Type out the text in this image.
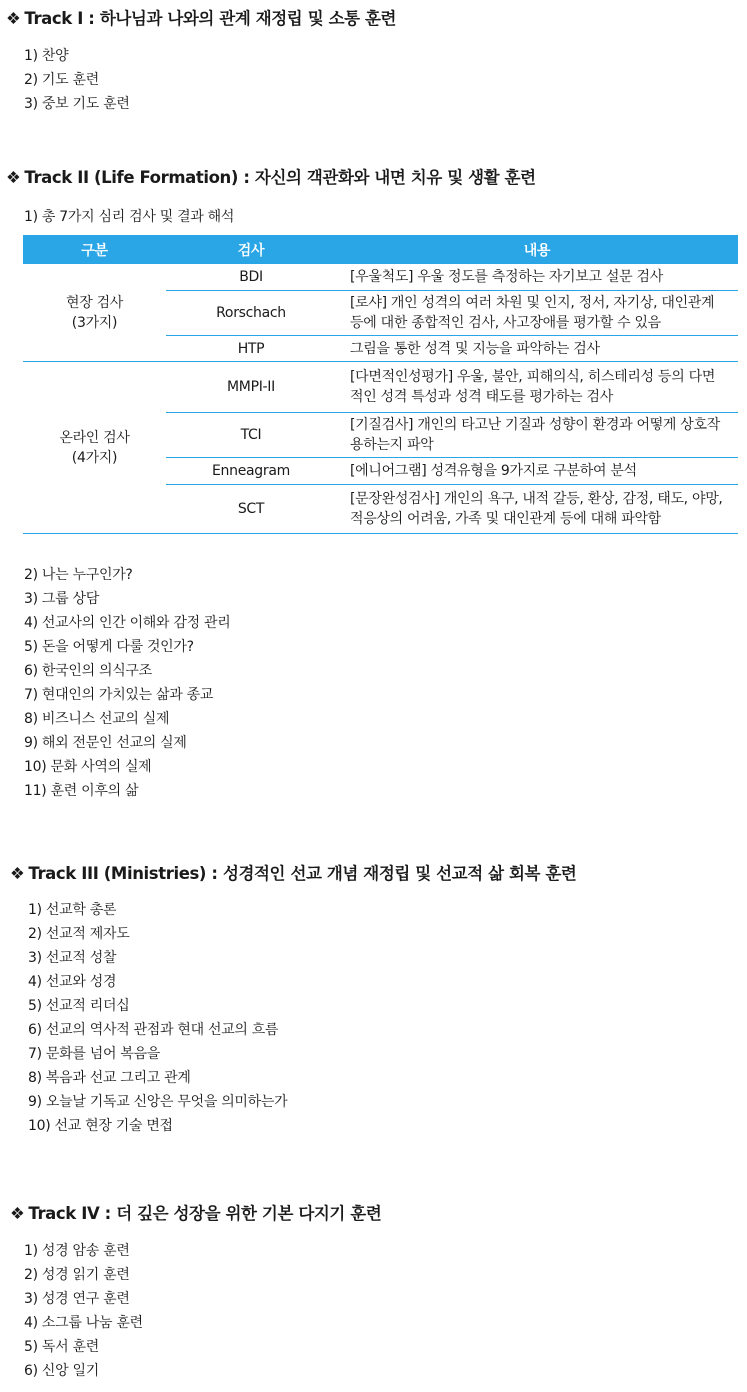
❖ Track I : 하나님과 나와의 관계 재정립 및 소통 훈련
1) 찬양
2) 기도 훈련
3) 중보 기도 훈련
❖ Track II (Life Formation) : 자신의 객관화와 내면 치유 및 생활 훈련
1) 총 7가지 심리 검사 및 결과 해석
구분	검사	내용

현장 검사
(3가지)	BDI	[우울척도] 우울 정도를 측정하는 자기보고 설문 검사
	Rorschach	[로샤] 개인 성격의 여러 차원 및 인지, 정서, 자기상, 대인관계 등에 대한 종합적인 검사, 사고장애를 평가할 수 있음
	HTP	그림을 통한 성격 및 지능을 파악하는 검사

온라인 검사
(4가지)	MMPI-II	[다면적인성평가] 우울, 불안, 피해의식, 히스테리성 등의 다면적인 성격 특성과 성격 태도를 평가하는 검사
	TCI	[기질검사] 개인의 타고난 기질과 성향이 환경과 어떻게 상호작용하는지 파악
	Enneagram	[에니어그램] 성격유형을 9가지로 구분하여 분석
	SCT	[문장완성검사] 개인의 욕구, 내적 갈등, 환상, 감정, 태도, 야망, 적응상의 어려움, 가족 및 대인관계 등에 대해 파악함
2) 나는 누구인가?
3) 그룹 상담
4) 선교사의 인간 이해와 감정 관리
5) 돈을 어떻게 다룰 것인가?
6) 한국인의 의식구조
7) 현대인의 가치있는 삶과 종교
8) 비즈니스 선교의 실제
9) 해외 전문인 선교의 실제
10) 문화 사역의 실제
11) 훈련 이후의 삶
❖ Track III (Ministries) : 성경적인 선교 개념 재정립 및 선교적 삶 회복 훈련
1) 선교학 총론
2) 선교적 제자도
3) 선교적 성찰
4) 선교와 성경
5) 선교적 리더십
6) 선교의 역사적 관점과 현대 선교의 흐름
7) 문화를 넘어 복음을
8) 복음과 선교 그리고 관계
9) 오늘날 기독교 신앙은 무엇을 의미하는가
10) 선교 현장 기술 면접
❖ Track IV : 더 깊은 성장을 위한 기본 다지기 훈련
1) 성경 암송 훈련
2) 성경 읽기 훈련
3) 성경 연구 훈련
4) 소그룹 나눔 훈련
5) 독서 훈련
6) 신앙 일기
